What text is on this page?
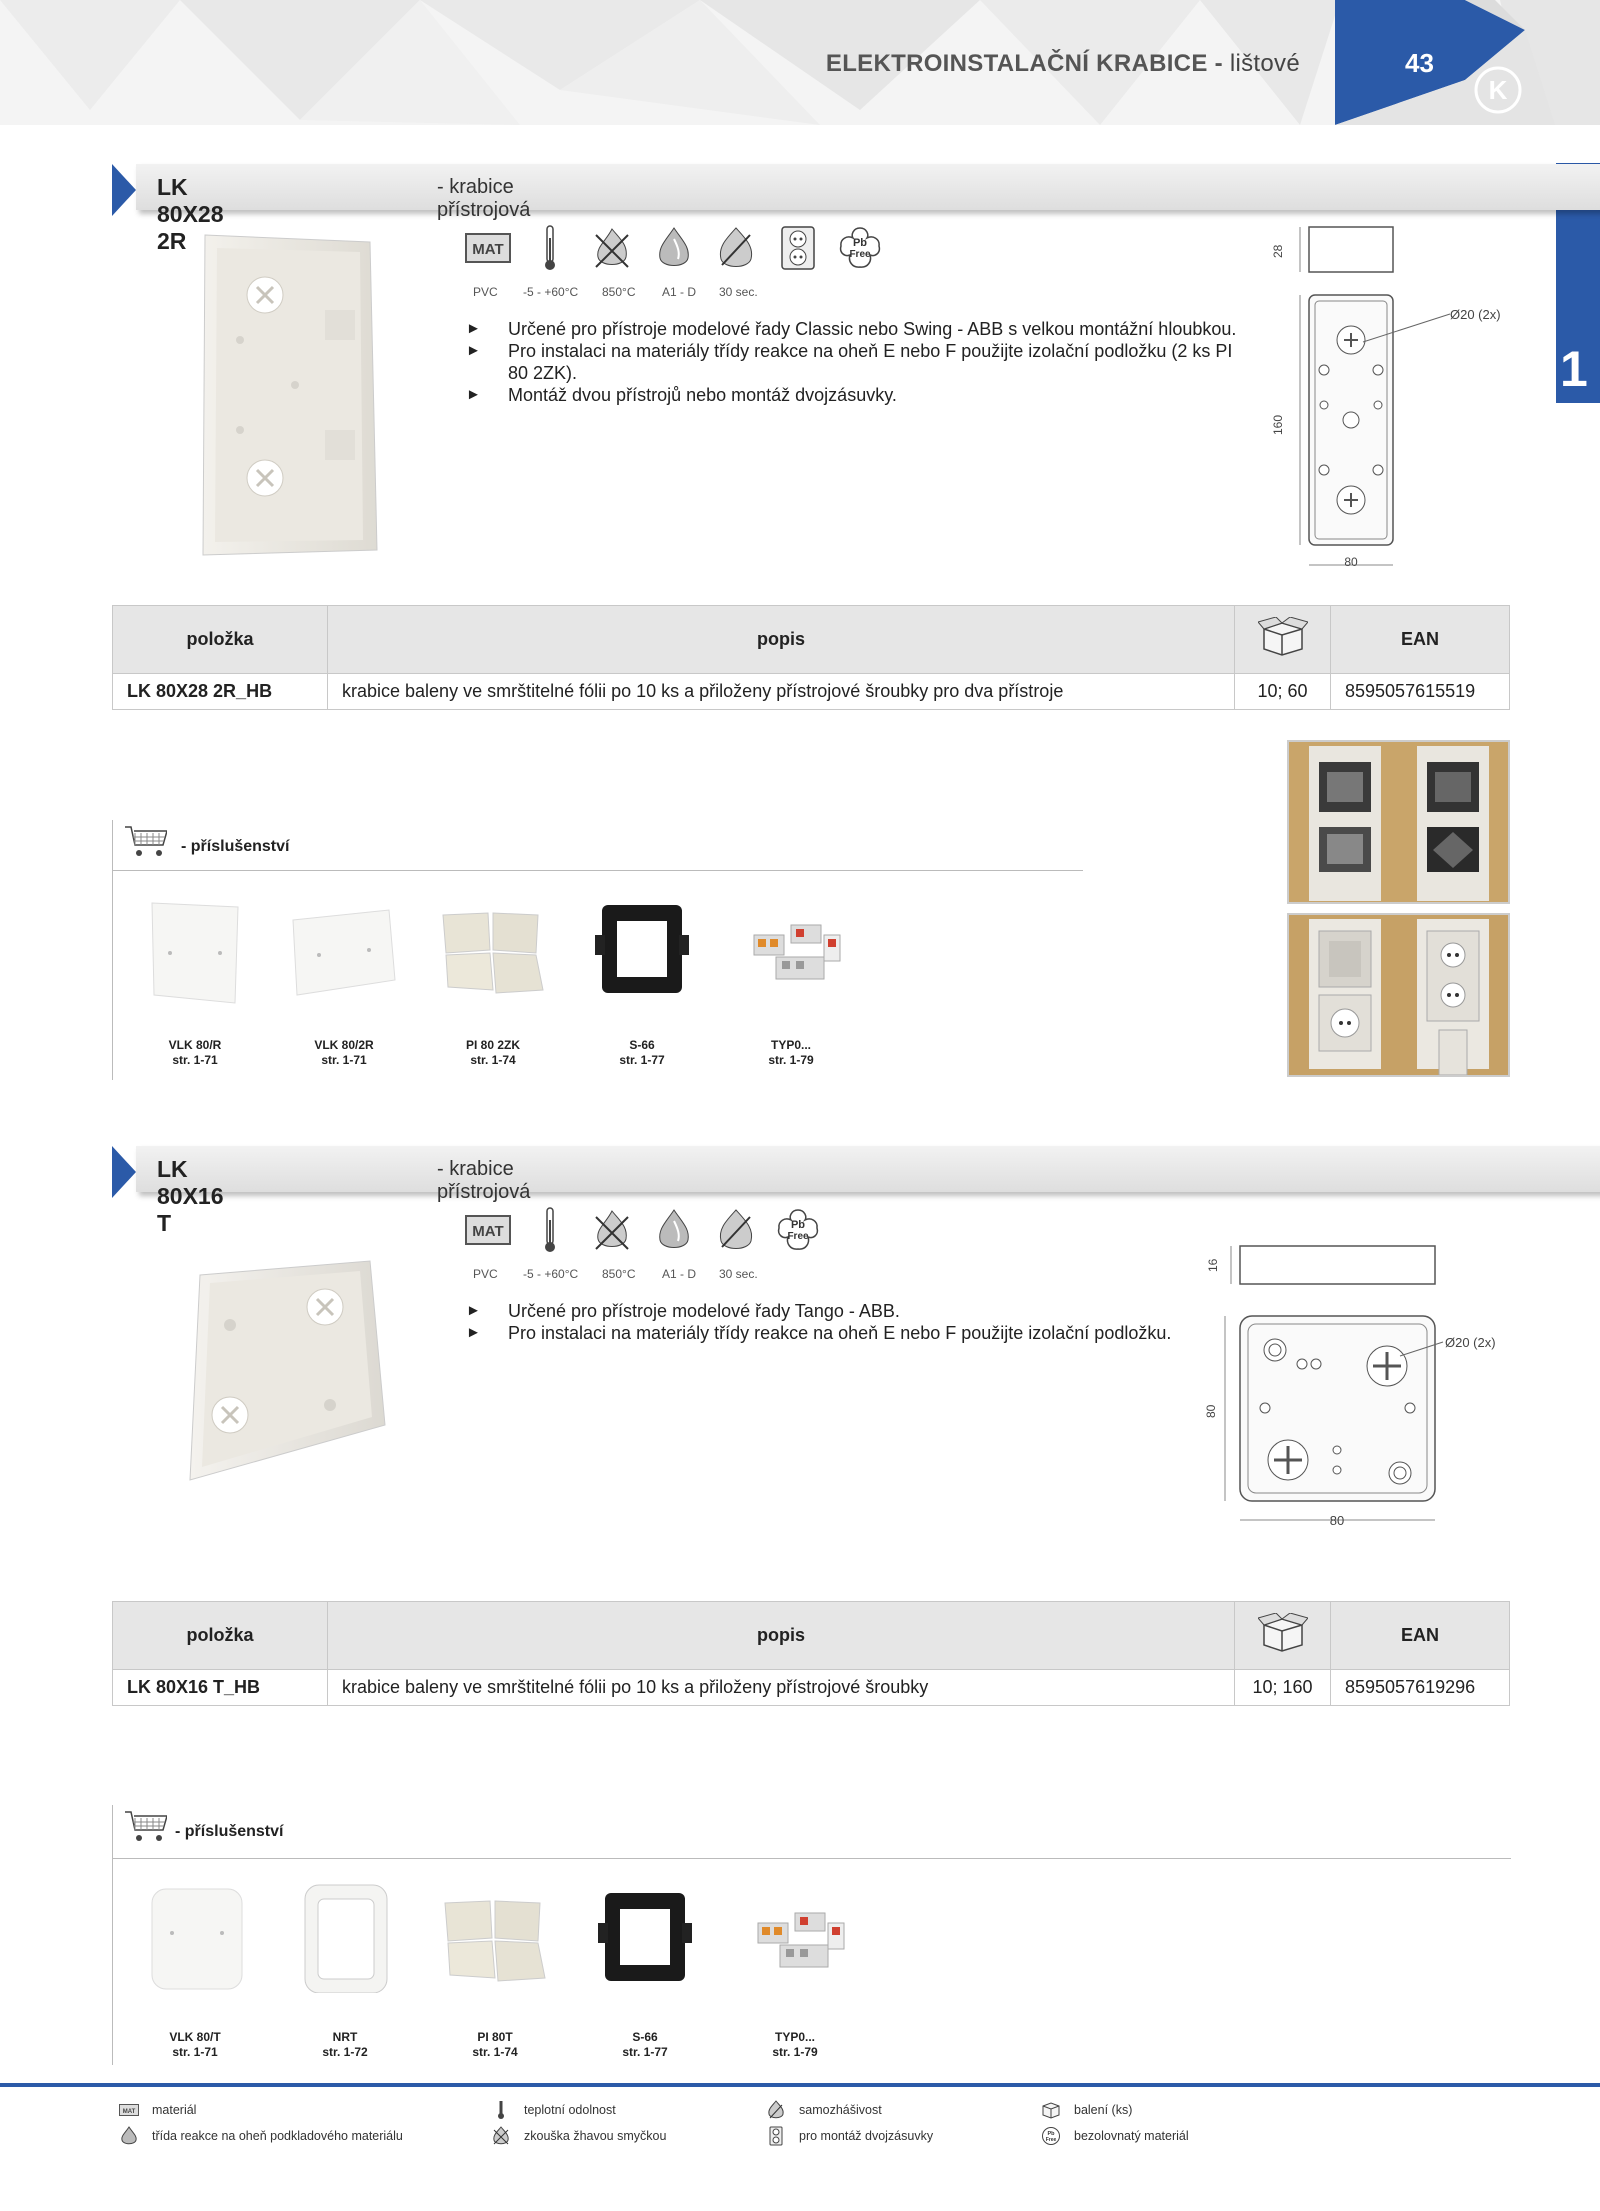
ELEKTROINSTALAČNÍ KRABICE - lištové
K
43
1
LK 80X28 2R
- krabice přístrojová
MAT	Pb
Free
PVC	-5 - +60°C	850°C	A1 - D	30 sec.
► Určené pro přístroje modelové řady Classic nebo Swing - ABB s velkou montážní hloubkou.
► Pro instalaci na materiály třídy reakce na oheň E nebo F použijte izolační podložku (2 ks PI 80 2ZK).
► Montáž dvou přístrojů nebo montáž dvojzásuvky.
28
Ø20 (2x)
160
80
položka	popis		EAN
LK 80X28 2R_HB	krabice baleny ve smrštitelné fólii po 10 ks a přiloženy přístrojové šroubky pro dva přístroje	10; 60	8595057615519
- příslušenství
VLK 80/R
str. 1-71
VLK 80/2R
str. 1-71
PI 80 2ZK
str. 1-74
S-66
str. 1-77
TYP0...
str. 1-79
LK 80X16 T
- krabice přístrojová
MAT	Pb
Free
PVC	-5 - +60°C	850°C	A1 - D	30 sec.
► Určené pro přístroje modelové řady Tango - ABB.
► Pro instalaci na materiály třídy reakce na oheň E nebo F použijte izolační podložku.
16
Ø20 (2x)
80
80
položka	popis		EAN
LK 80X16 T_HB	krabice baleny ve smrštitelné fólii po 10 ks a přiloženy přístrojové šroubky	10; 160	8595057619296
- příslušenství
VLK 80/T
str. 1-71
NRT
str. 1-72
PI 80T
str. 1-74
S-66
str. 1-77
TYP0...
str. 1-79
MAT materiál	teplotní odolnost	samozhášivost	balení (ks)
třída reakce na oheň podkladového materiálu	zkouška žhavou smyčkou	pro montáž dvojzásuvky	Pb
Free bezolovnatý materiál
